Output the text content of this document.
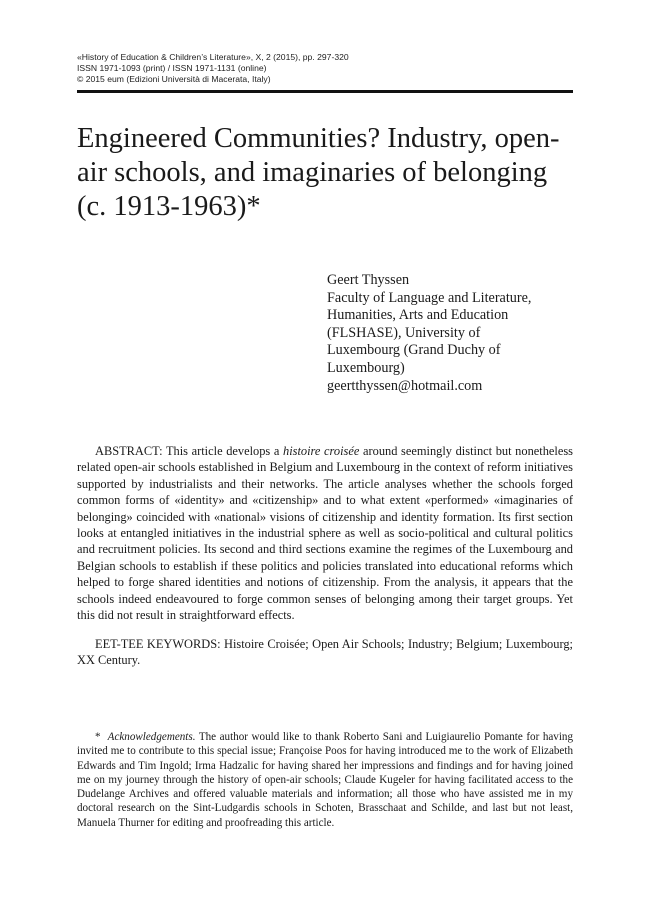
«History of Education & Children’s Literature», X, 2 (2015), pp. 297-320
ISSN 1971-1093 (print) / ISSN 1971-1131 (online)
© 2015 eum (Edizioni Università di Macerata, Italy)
Engineered Communities? Industry, open-air schools, and imaginaries of belonging (c. 1913-1963)*
Geert Thyssen
Faculty of Language and Literature,
Humanities, Arts and Education
(FLSHASE), University of
Luxembourg (Grand Duchy of
Luxembourg)
geertthyssen@hotmail.com

ABSTRACT: This article develops a histoire croisée around seemingly distinct but nonetheless related open-air schools established in Belgium and Luxembourg in the context of reform initiatives supported by industrialists and their networks. The article analyses whether the schools forged common forms of «identity» and «citizenship» and to what extent «performed» «imaginaries of belonging» coincided with «national» visions of citizenship and identity formation. Its first section looks at entangled initiatives in the industrial sphere as well as socio-political and cultural politics and recruitment policies. Its second and third sections examine the regimes of the Luxembourg and Belgian schools to establish if these politics and policies translated into educational reforms which helped to forge shared identities and notions of citizenship. From the analysis, it appears that the schools indeed endeavoured to forge common senses of belonging among their target groups. Yet this did not result in straightforward effects.

EET-TEE KEYWORDS: Histoire Croisée; Open Air Schools; Industry; Belgium; Luxembourg; XX Century.

* Acknowledgements. The author would like to thank Roberto Sani and Luigiaurelio Pomante for having invited me to contribute to this special issue; Françoise Poos for having introduced me to the work of Elizabeth Edwards and Tim Ingold; Irma Hadzalic for having shared her impressions and findings and for having joined me on my journey through the history of open-air schools; Claude Kugeler for having facilitated access to the Dudelange Archives and offered valuable materials and information; all those who have assisted me in my doctoral research on the Sint-Ludgardis schools in Schoten, Brasschaat and Schilde, and last but not least, Manuela Thurner for editing and proofreading this article.
